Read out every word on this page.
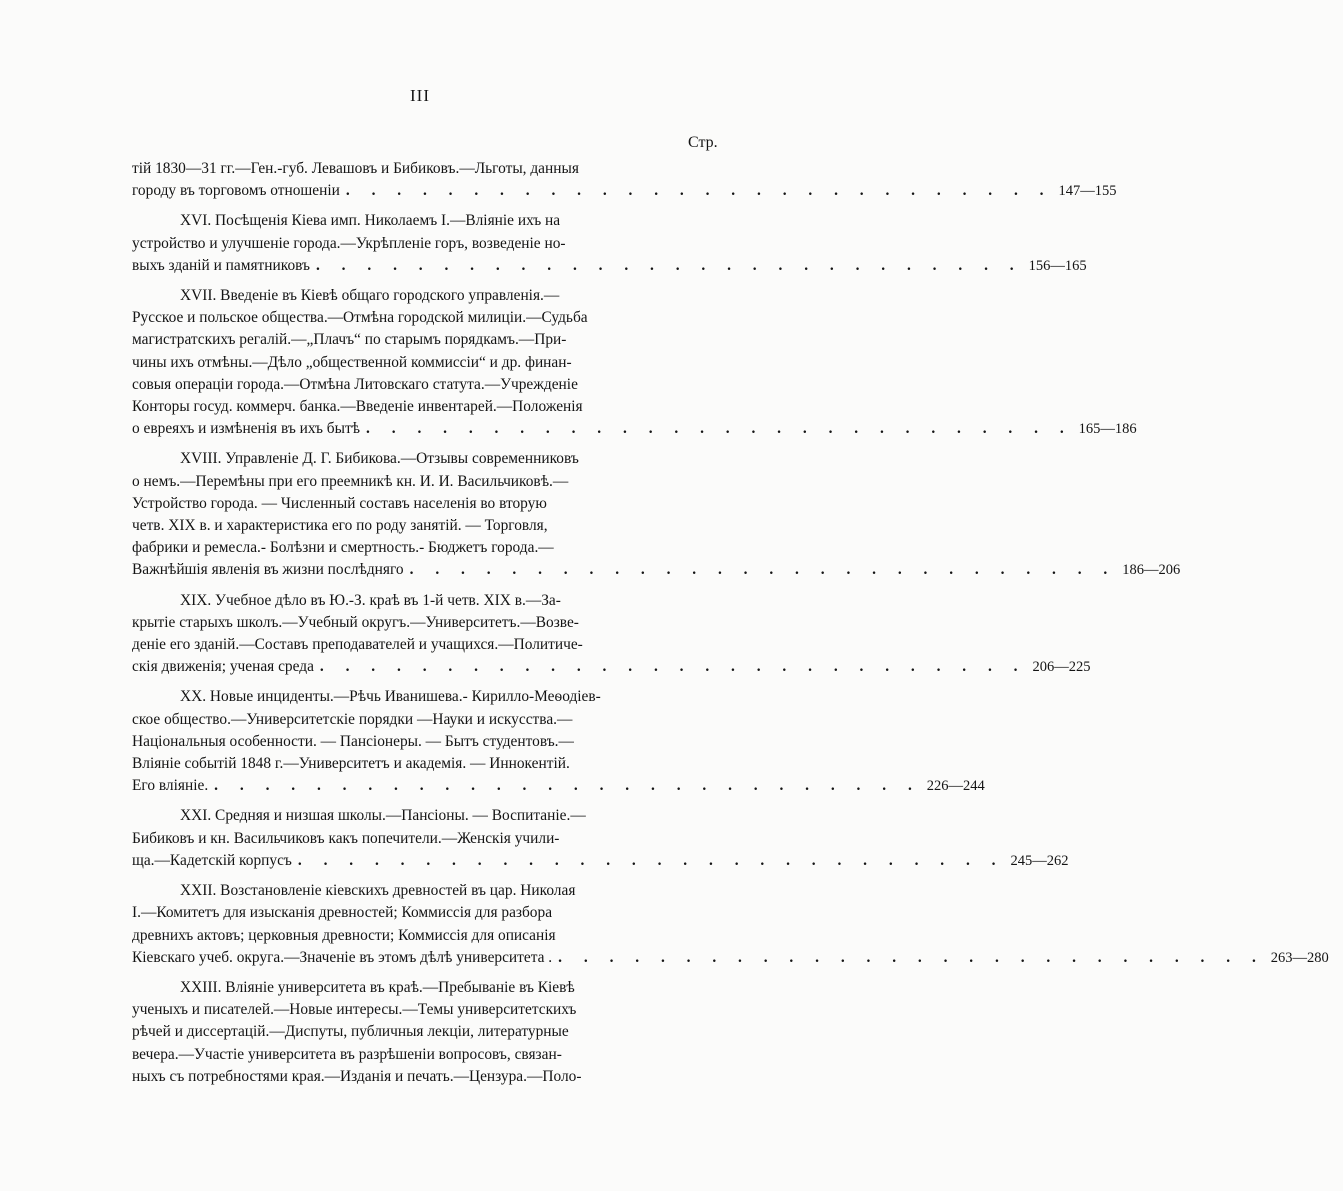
III
Стр.
тій 1830—31 гг.—Ген.-губ. Левашовъ и Бибиковъ.—Льготы, данныя
городу въ торговомъ отношеніи . . . . . . . . . . . . . . . . . . . . . . . . . . . . 147—155
XVI. Посѣщенія Кіева имп. Николаемъ I.—Вліяніе ихъ на
устройство и улучшеніе города.—Укрѣпленіе горъ, возведеніе но-
выхъ зданій и памятниковъ . . . . . . . . . . . . . . . . . . . . . . . . . . . . 156—165
XVII. Введеніе въ Кіевѣ общаго городского управленія.—
Русское и польское общества.—Отмѣна городской милиціи.—Судьба
магистратскихъ регалій.—„Плачъ“ по старымъ порядкамъ.—При-
чины ихъ отмѣны.—Дѣло „общественной коммиссіи“ и др. финан-
совыя операціи города.—Отмѣна Литовскаго статута.—Учрежденіе
Конторы госуд. коммерч. банка.—Введеніе инвентарей.—Положенія
о евреяхъ и измѣненія въ ихъ бытѣ . . . . . . . . . . . . . . . . . . . . . . . . . . . . 165—186
XVIII. Управленіе Д. Г. Бибикова.—Отзывы современниковъ
о немъ.—Перемѣны при его преемникѣ кн. И. И. Васильчиковѣ.—
Устройство города. — Численный составъ населенія во вторую
четв. XIX в. и характеристика его по роду занятій. — Торговля,
фабрики и ремесла.- Болѣзни и смертность.- Бюджетъ города.—
Важнѣйшія явленія въ жизни послѣдняго . . . . . . . . . . . . . . . . . . . . . . . . . . . . 186—206
XIX. Учебное дѣло въ Ю.-З. краѣ въ 1-й четв. XIX в.—За-
крытіе старыхъ школъ.—Учебный округъ.—Университетъ.—Возве-
деніе его зданій.—Составъ преподавателей и учащихся.—Политиче-
скія движенія; ученая среда . . . . . . . . . . . . . . . . . . . . . . . . . . . . 206—225
XX. Новые инциденты.—Рѣчь Иванишева.- Кирилло-Меѳодіев-
ское общество.—Университетскіе порядки —Науки и искусства.—
Національныя особенности. — Пансіонеры. — Бытъ студентовъ.—
Вліяніе событій 1848 г.—Университетъ и академія. — Иннокентій.
Его вліяніе. . . . . . . . . . . . . . . . . . . . . . . . . . . . . 226—244
XXI. Средняя и низшая школы.—Пансіоны. — Воспитаніе.—
Бибиковъ и кн. Васильчиковъ какъ попечители.—Женскія учили-
ща.—Кадетскій корпусъ . . . . . . . . . . . . . . . . . . . . . . . . . . . . 245—262
XXII. Возстановленіе кіевскихъ древностей въ цар. Николая
I.—Комитетъ для изысканія древностей; Коммиссія для разбора
древнихъ актовъ; церковныя древности; Коммиссія для описанія
Кіевскаго учеб. округа.—Значеніе въ этомъ дѣлѣ университета . . . . . . . . . . . . . . . . . . . . . . . . . . . . . 263—280
XXIII. Вліяніе университета въ краѣ.—Пребываніе въ Кіевѣ
ученыхъ и писателей.—Новые интересы.—Темы университетскихъ
рѣчей и диссертацій.—Диспуты, публичныя лекціи, литературные
вечера.—Участіе университета въ разрѣшеніи вопросовъ, связан-
ныхъ съ потребностями края.—Изданія и печать.—Цензура.—Поло-
